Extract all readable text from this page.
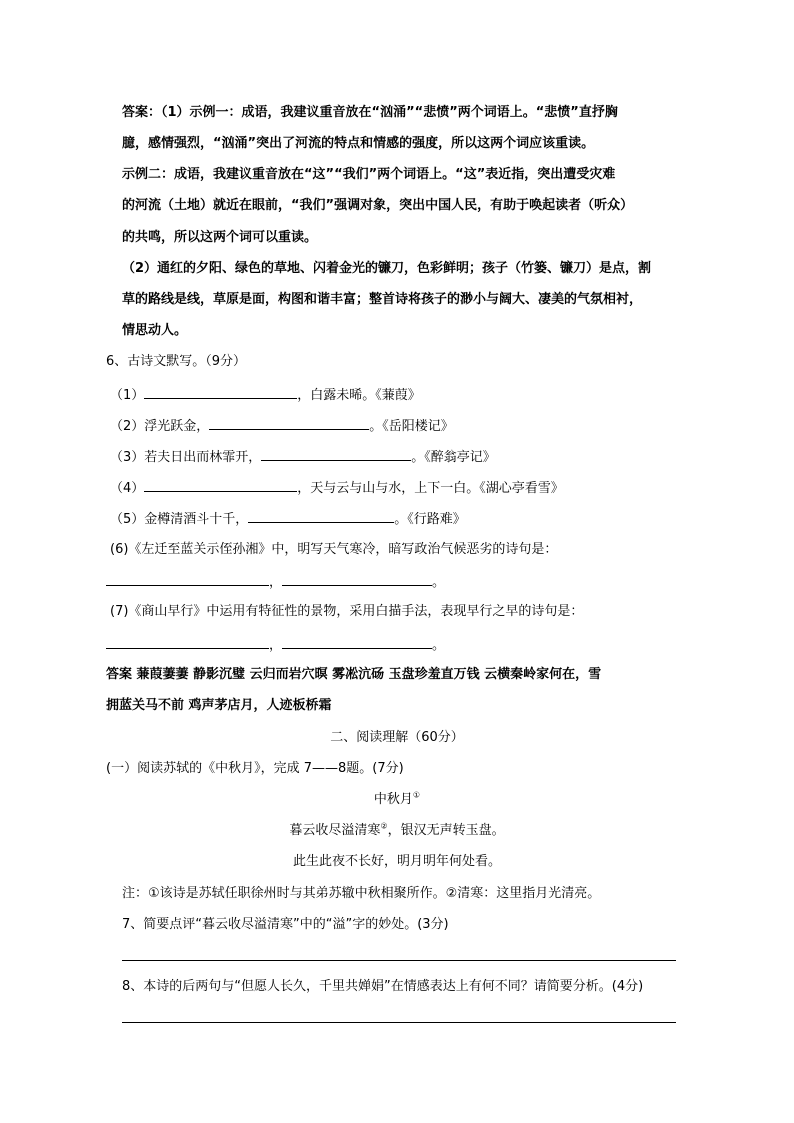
答案：（1）示例一：成语，我建议重音放在“汹涌”“悲愤”两个词语上。“悲愤”直抒胸
臆，感情强烈，“汹涌”突出了河流的特点和情感的强度，所以这两个词应该重读。
示例二：成语，我建议重音放在“这”“我们”两个词语上。“这”表近指，突出遭受灾难
的河流（土地）就近在眼前，“我们”强调对象，突出中国人民，有助于唤起读者（听众）
的共鸣，所以这两个词可以重读。
（2）通红的夕阳、绿色的草地、闪着金光的镰刀，色彩鲜明；孩子（竹篓、镰刀）是点，割
草的路线是线，草原是面，构图和谐丰富；整首诗将孩子的渺小与阔大、凄美的气氛相衬，
情思动人。
6、古诗文默写。（9分）
（1）	，白露未晞。《蒹葭》
（2）浮光跃金，	。《岳阳楼记》
（3）若夫日出而林霏开，	。《醉翁亭记》
（4）	，天与云与山与水，上下一白。《湖心亭看雪》
（5）金樽清酒斗十千，	。《行路难》
(6)《左迁至蓝关示侄孙湘》中，明写天气寒冷，暗写政治气候恶劣的诗句是：
，	。
(7)《商山早行》中运用有特征性的景物，采用白描手法，表现早行之早的诗句是：
，	。
答案 蒹葭萋萋 静影沉璧 云归而岩穴暝 雾凇沆砀 玉盘珍羞直万钱 云横秦岭家何在，雪
拥蓝关马不前 鸡声茅店月，人迹板桥霜
二、阅读理解（60分）
(一）阅读苏轼的《中秋月》，完成 7——8题。(7分)
中秋月①
暮云收尽溢清寒②，银汉无声转玉盘。
此生此夜不长好，明月明年何处看。
注：①该诗是苏轼任职徐州时与其弟苏辙中秋相聚所作。②清寒：这里指月光清亮。
7、简要点评“暮云收尽溢清寒”中的“溢”字的妙处。(3分)
8、本诗的后两句与“但愿人长久，千里共婵娟”在情感表达上有何不同？请简要分析。(4分)
